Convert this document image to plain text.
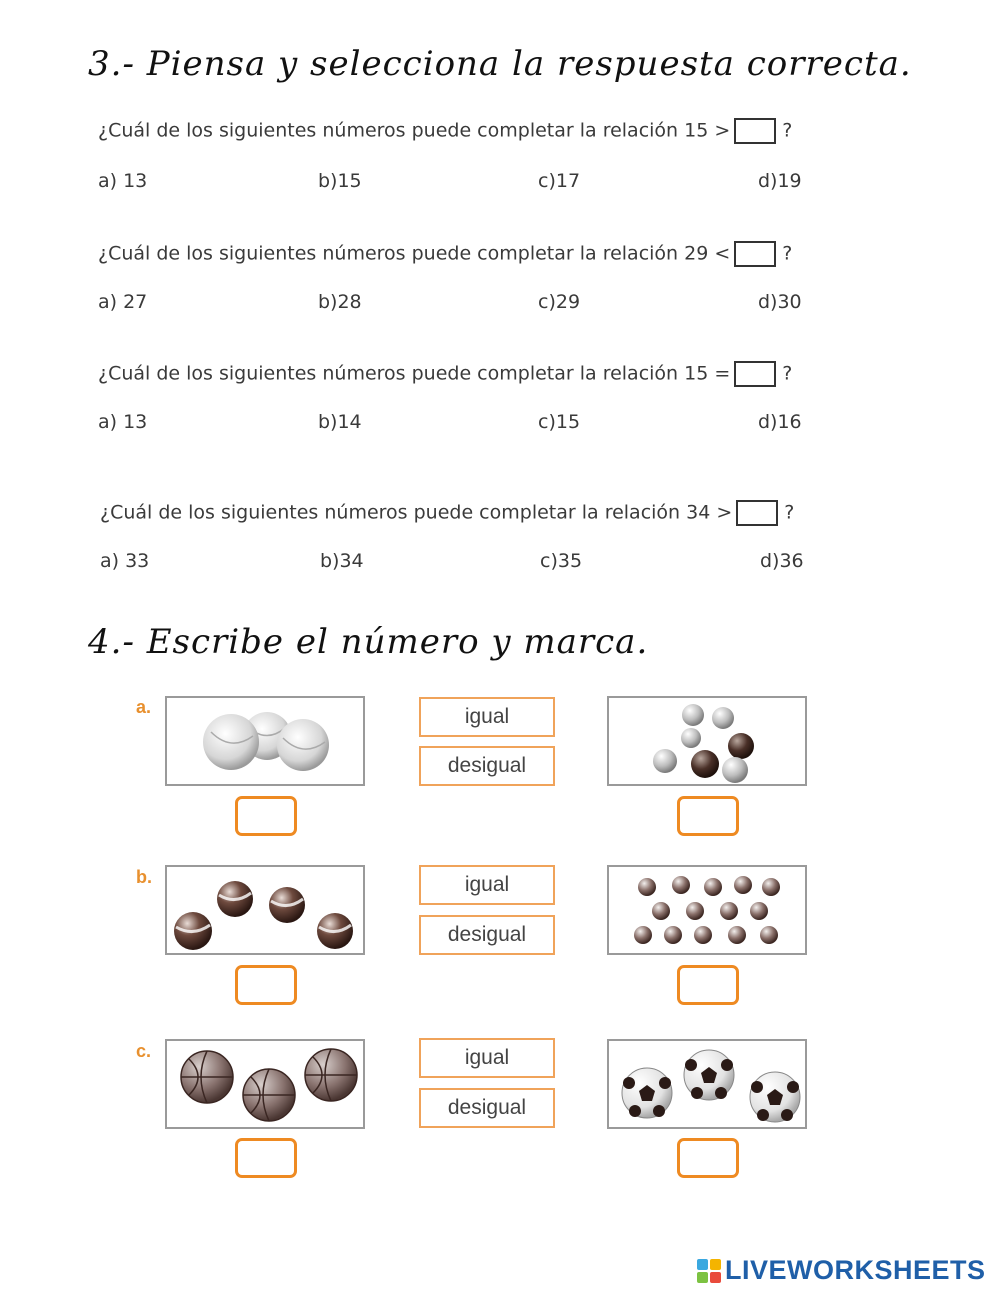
3.- Piensa y selecciona la respuesta correcta.
¿Cuál de los siguientes números puede completar la relación 15 >	?
a) 13	b)15	c)17	d)19
¿Cuál de los siguientes números puede completar la relación 29 <	?
a) 27	b)28	c)29	d)30
¿Cuál de los siguientes números puede completar la relación 15 =	?
a) 13	b)14	c)15	d)16
¿Cuál de los siguientes números puede completar la relación 34 >	?
a) 33	b)34	c)35	d)36
4.- Escribe el número y marca.
a.	igual
desigual
b.	igual
desigual
c.	igual
desigual
LIVEWORKSHEETS
